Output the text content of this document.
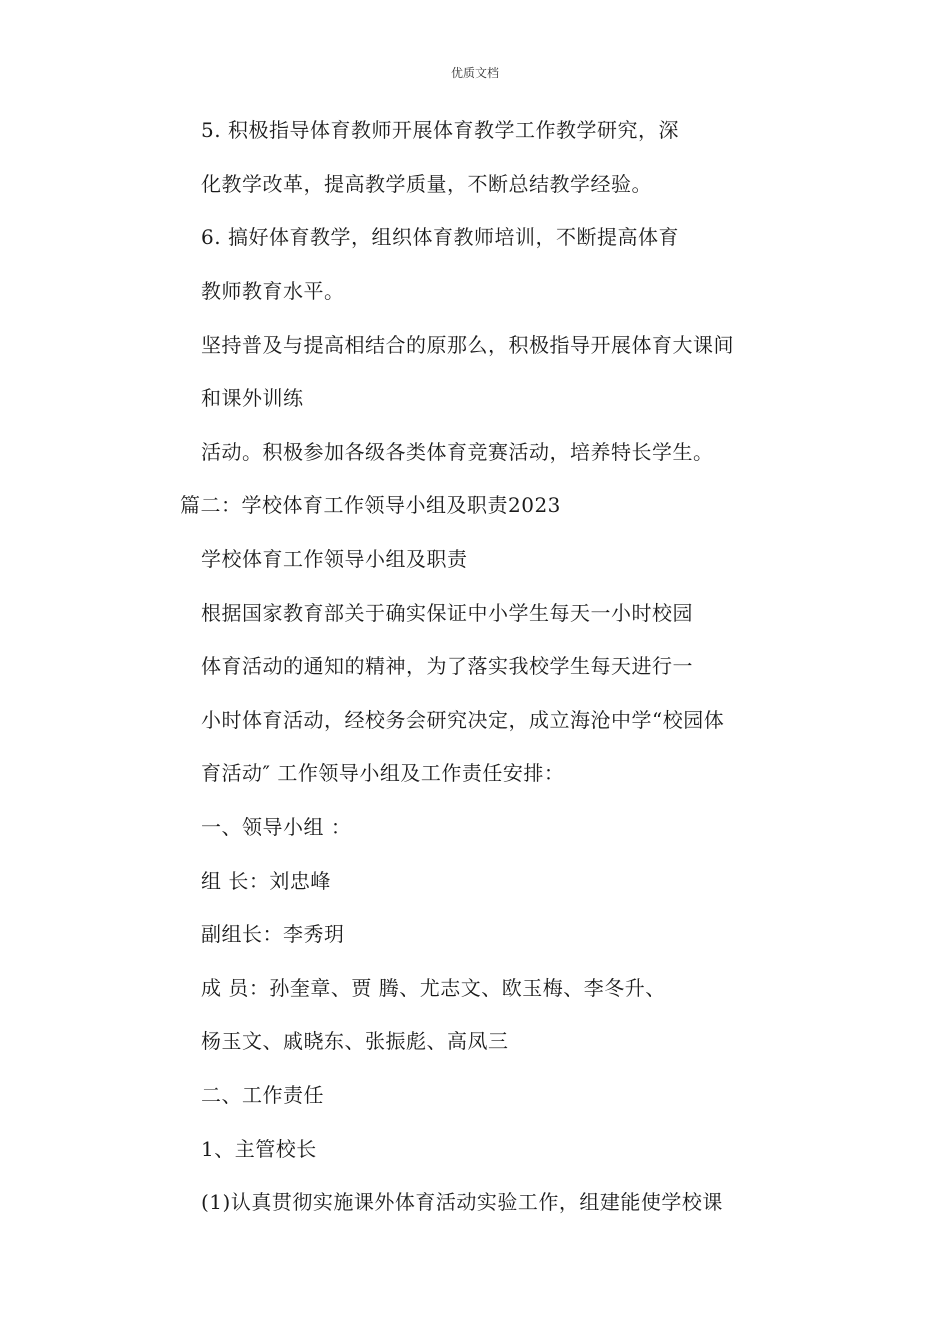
优质文档
5. 积极指导体育教师开展体育教学工作教学研究，深
化教学改革，提高教学质量，不断总结教学经验。
6. 搞好体育教学，组织体育教师培训，不断提高体育
教师教育水平。
坚持普及与提高相结合的原那么，积极指导开展体育大课间
和课外训练
活动。积极参加各级各类体育竞赛活动，培养特长学生。
篇二：学校体育工作领导小组及职责2023
学校体育工作领导小组及职责
根据国家教育部关于确实保证中小学生每天一小时校园
体育活动的通知的精神，为了落实我校学生每天进行一
小时体育活动，经校务会研究决定，成立海沧中学“校园体
育活动″ 工作领导小组及工作责任安排：
一、领导小组 ：
组 长：刘忠峰
副组长：李秀玥
成 员：孙奎章、贾 腾、尤志文、欧玉梅、李冬升、
杨玉文、戚晓东、张振彪、高凤三
二、工作责任
1、主管校长
(1)认真贯彻实施课外体育活动实验工作，组建能使学校课
